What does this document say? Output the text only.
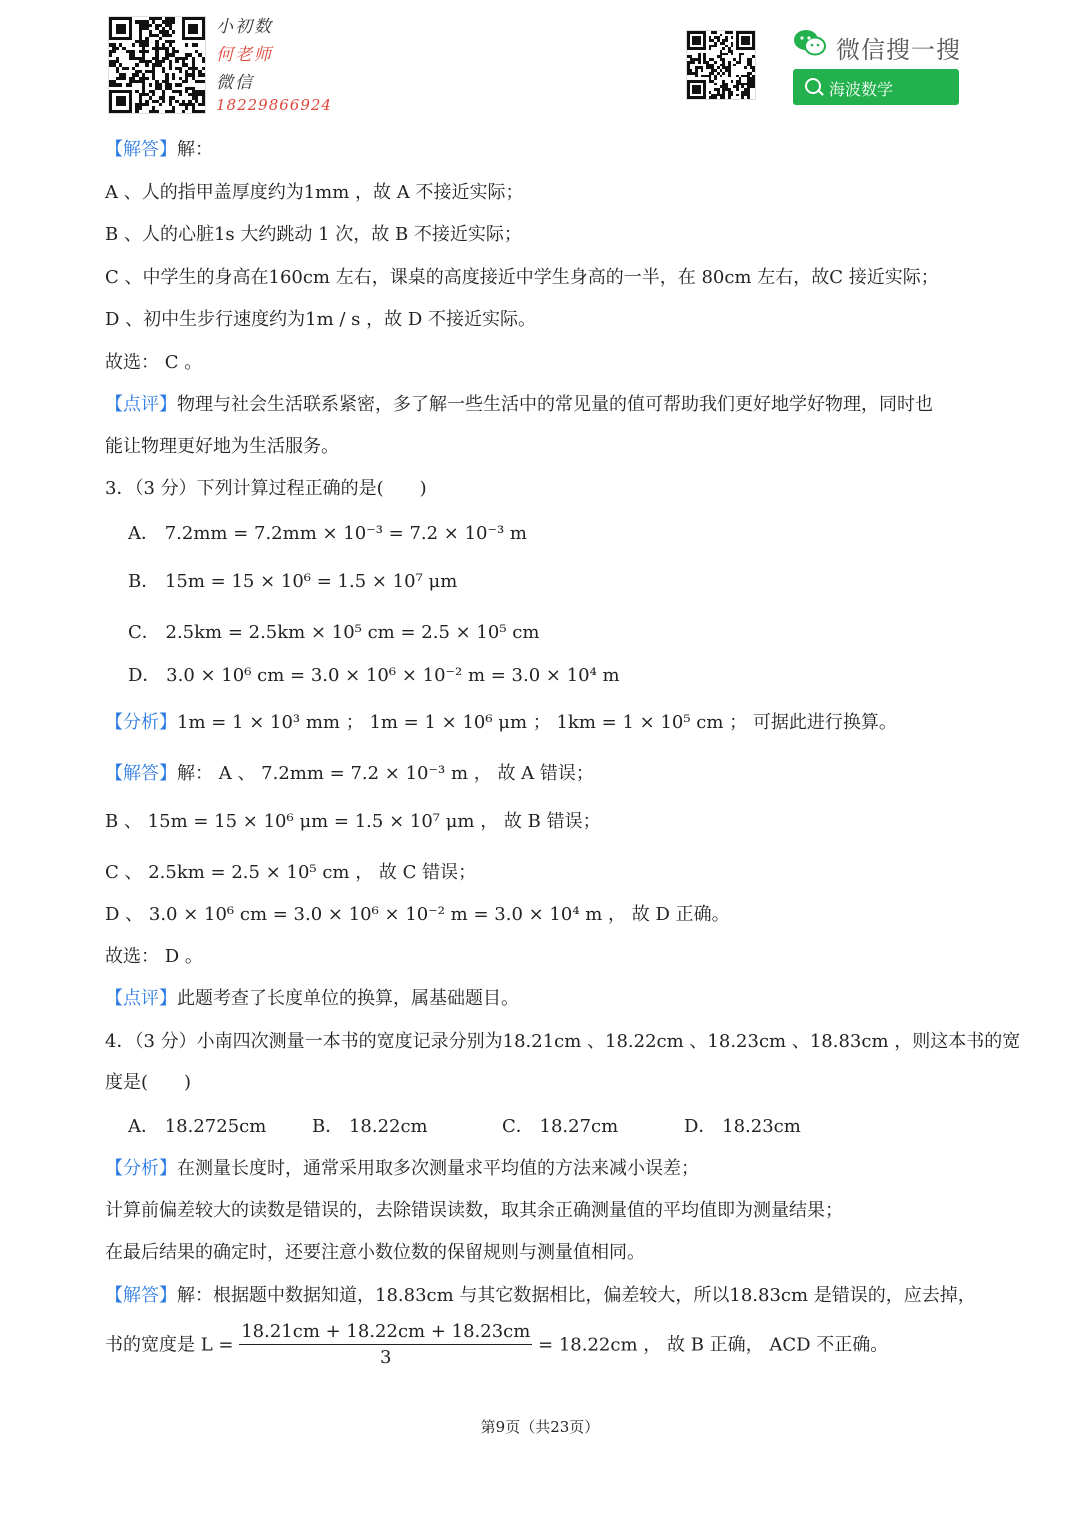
小初数
何老师
微信
18229866924
微信搜一搜
海波数学
【解答】解：
A 、人的指甲盖厚度约为1mm ，故 A 不接近实际；
B 、人的心脏1s 大约跳动 1 次，故 B 不接近实际；
C 、中学生的身高在160cm 左右，课桌的高度接近中学生身高的一半，在 80cm 左右，故C 接近实际；
D 、初中生步行速度约为1m / s ，故 D 不接近实际。
故选： C 。
【点评】物理与社会生活联系紧密，多了解一些生活中的常见量的值可帮助我们更好地学好物理，同时也
能让物理更好地为生活服务。
3．（3 分）下列计算过程正确的是(　　)
A． 7.2mm = 7.2mm × 10⁻³ = 7.2 × 10⁻³ m
B． 15m = 15 × 10⁶ = 1.5 × 10⁷ μm
C． 2.5km = 2.5km × 10⁵ cm = 2.5 × 10⁵ cm
D． 3.0 × 10⁶ cm = 3.0 × 10⁶ × 10⁻² m = 3.0 × 10⁴ m
【分析】1m = 1 × 10³ mm ； 1m = 1 × 10⁶ μm ； 1km = 1 × 10⁵ cm ； 可据此进行换算。
【解答】解： A 、 7.2mm = 7.2 × 10⁻³ m ， 故 A 错误；
B 、 15m = 15 × 10⁶ μm = 1.5 × 10⁷ μm ， 故 B 错误；
C 、 2.5km = 2.5 × 10⁵ cm ， 故 C 错误；
D 、 3.0 × 10⁶ cm = 3.0 × 10⁶ × 10⁻² m = 3.0 × 10⁴ m ， 故 D 正确。
故选： D 。
【点评】此题考查了长度单位的换算，属基础题目。
4．（3 分）小南四次测量一本书的宽度记录分别为18.21cm 、18.22cm 、18.23cm 、18.83cm ，则这本书的宽
度是(　　)
A． 18.2725cm	B． 18.22cm	C． 18.27cm	D． 18.23cm
【分析】在测量长度时，通常采用取多次测量求平均值的方法来减小误差；
计算前偏差较大的读数是错误的，去除错误读数，取其余正确测量值的平均值即为测量结果；
在最后结果的确定时，还要注意小数位数的保留规则与测量值相同。
【解答】解：根据题中数据知道，18.83cm 与其它数据相比，偏差较大，所以18.83cm 是错误的，应去掉，
书的宽度是 $L = \frac{18.21cm + 18.22cm + 18.23cm}{3} = 18.22cm$ ， 故 B 正确， ACD 不正确。
第9页（共23页）
